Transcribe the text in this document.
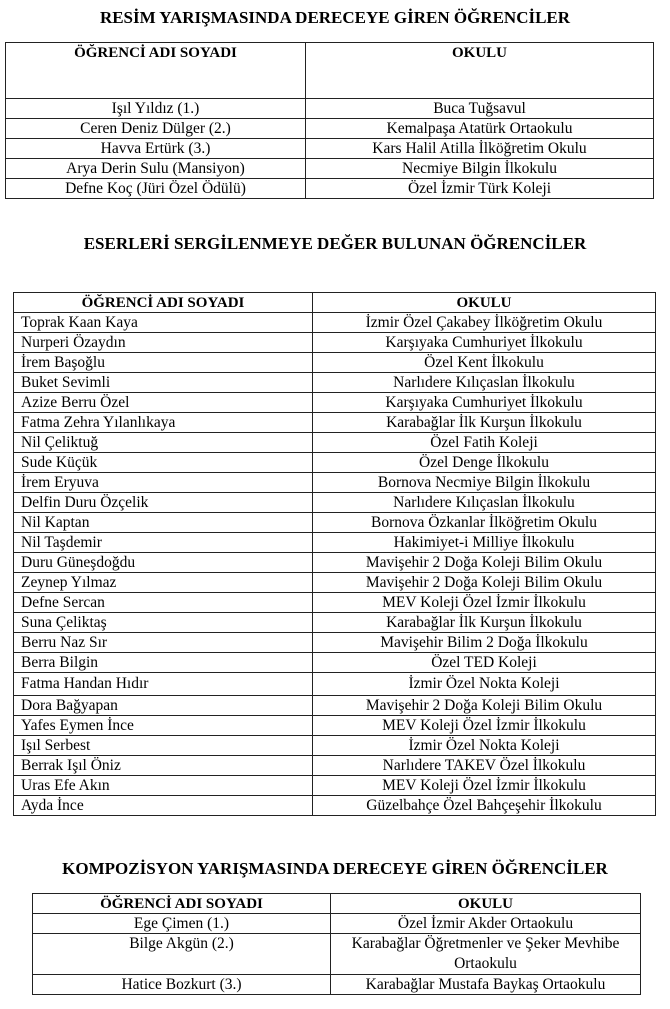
RESİM YARIŞMASINDA DERECEYE GİREN ÖĞRENCİLER
ÖĞRENCİ ADI SOYADI	OKULU
Işıl Yıldız (1.)	Buca Tuğsavul
Ceren Deniz Dülger (2.)	Kemalpaşa Atatürk Ortaokulu
Havva Ertürk (3.)	Kars Halil Atilla İlköğretim Okulu
Arya Derin Sulu (Mansiyon)	Necmiye Bilgin İlkokulu
Defne Koç (Jüri Özel Ödülü)	Özel İzmir Türk Koleji
ESERLERİ SERGİLENMEYE DEĞER BULUNAN ÖĞRENCİLER
ÖĞRENCİ ADI SOYADI	OKULU
Toprak Kaan Kaya	İzmir Özel Çakabey İlköğretim Okulu
Nurperi Özaydın	Karşıyaka Cumhuriyet İlkokulu
İrem Başoğlu	Özel Kent İlkokulu
Buket Sevimli	Narlıdere Kılıçaslan İlkokulu
Azize Berru Özel	Karşıyaka Cumhuriyet İlkokulu
Fatma Zehra Yılanlıkaya	Karabağlar İlk Kurşun İlkokulu
Nil Çeliktuğ	Özel Fatih Koleji
Sude Küçük	Özel Denge İlkokulu
İrem Eryuva	Bornova Necmiye Bilgin İlkokulu
Delfin Duru Özçelik	Narlıdere Kılıçaslan İlkokulu
Nil Kaptan	Bornova Özkanlar İlköğretim Okulu
Nil Taşdemir	Hakimiyet-i Milliye İlkokulu
Duru Güneşdoğdu	Mavişehir 2 Doğa Koleji Bilim Okulu
Zeynep Yılmaz	Mavişehir 2 Doğa Koleji Bilim Okulu
Defne Sercan	MEV Koleji Özel İzmir İlkokulu
Suna Çeliktaş	Karabağlar İlk Kurşun İlkokulu
Berru Naz Sır	Mavişehir Bilim 2 Doğa İlkokulu
Berra Bilgin	Özel TED Koleji
Fatma Handan Hıdır	İzmir Özel Nokta Koleji
Dora Bağyapan	Mavişehir 2 Doğa Koleji Bilim Okulu
Yafes Eymen İnce	MEV Koleji Özel İzmir İlkokulu
Işıl Serbest	İzmir Özel Nokta Koleji
Berrak Işıl Öniz	Narlıdere TAKEV Özel İlkokulu
Uras Efe Akın	MEV Koleji Özel İzmir İlkokulu
Ayda İnce	Güzelbahçe Özel Bahçeşehir İlkokulu
KOMPOZİSYON YARIŞMASINDA DERECEYE GİREN ÖĞRENCİLER
ÖĞRENCİ ADI SOYADI	OKULU
Ege Çimen (1.)	Özel İzmir Akder Ortaokulu
Bilge Akgün (2.)	Karabağlar Öğretmenler ve Şeker Mevhibe Ortaokulu
Hatice Bozkurt (3.)	Karabağlar Mustafa Baykaş Ortaokulu
